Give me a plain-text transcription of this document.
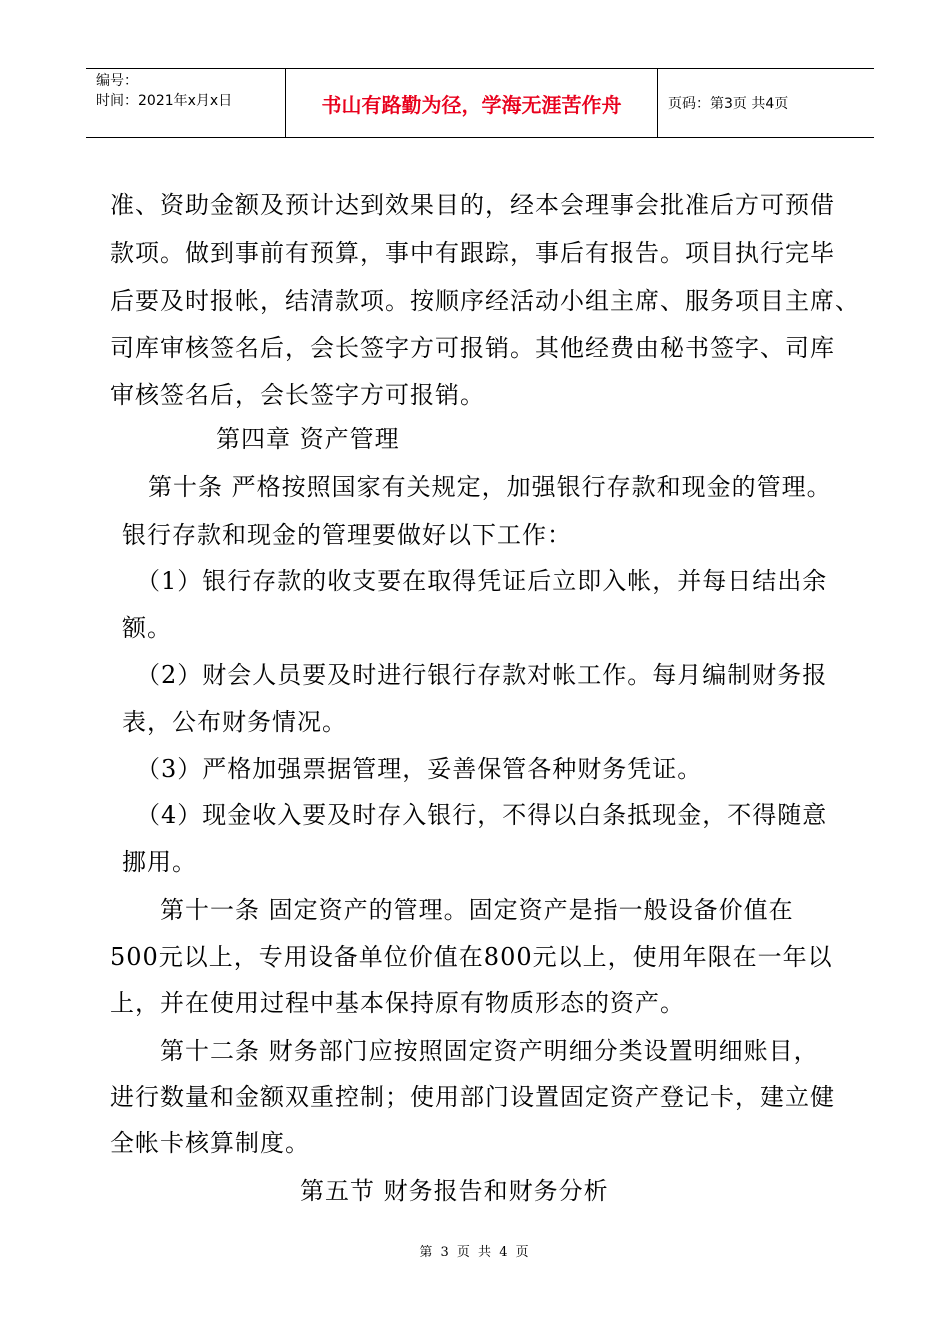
编号：
时间：2021年x月x日	书山有路勤为径，学海无涯苦作舟	页码：第3页 共4页
准、资助金额及预计达到效果目的，经本会理事会批准后方可预借
款项。做到事前有预算，事中有跟踪，事后有报告。项目执行完毕
后要及时报帐，结清款项。按顺序经活动小组主席、服务项目主席、
司库审核签名后，会长签字方可报销。其他经费由秘书签字、司库
审核签名后，会长签字方可报销。
第四章 资产管理
第十条 严格按照国家有关规定，加强银行存款和现金的管理。
银行存款和现金的管理要做好以下工作：
（1）银行存款的收支要在取得凭证后立即入帐，并每日结出余
额。
（2）财会人员要及时进行银行存款对帐工作。每月编制财务报
表，公布财务情况。
（3）严格加强票据管理，妥善保管各种财务凭证。
（4）现金收入要及时存入银行，不得以白条抵现金，不得随意
挪用。
第十一条 固定资产的管理。固定资产是指一般设备价值在
500元以上，专用设备单位价值在800元以上，使用年限在一年以
上，并在使用过程中基本保持原有物质形态的资产。
第十二条 财务部门应按照固定资产明细分类设置明细账目，
进行数量和金额双重控制；使用部门设置固定资产登记卡，建立健
全帐卡核算制度。
第五节 财务报告和财务分析
第 3 页 共 4 页
